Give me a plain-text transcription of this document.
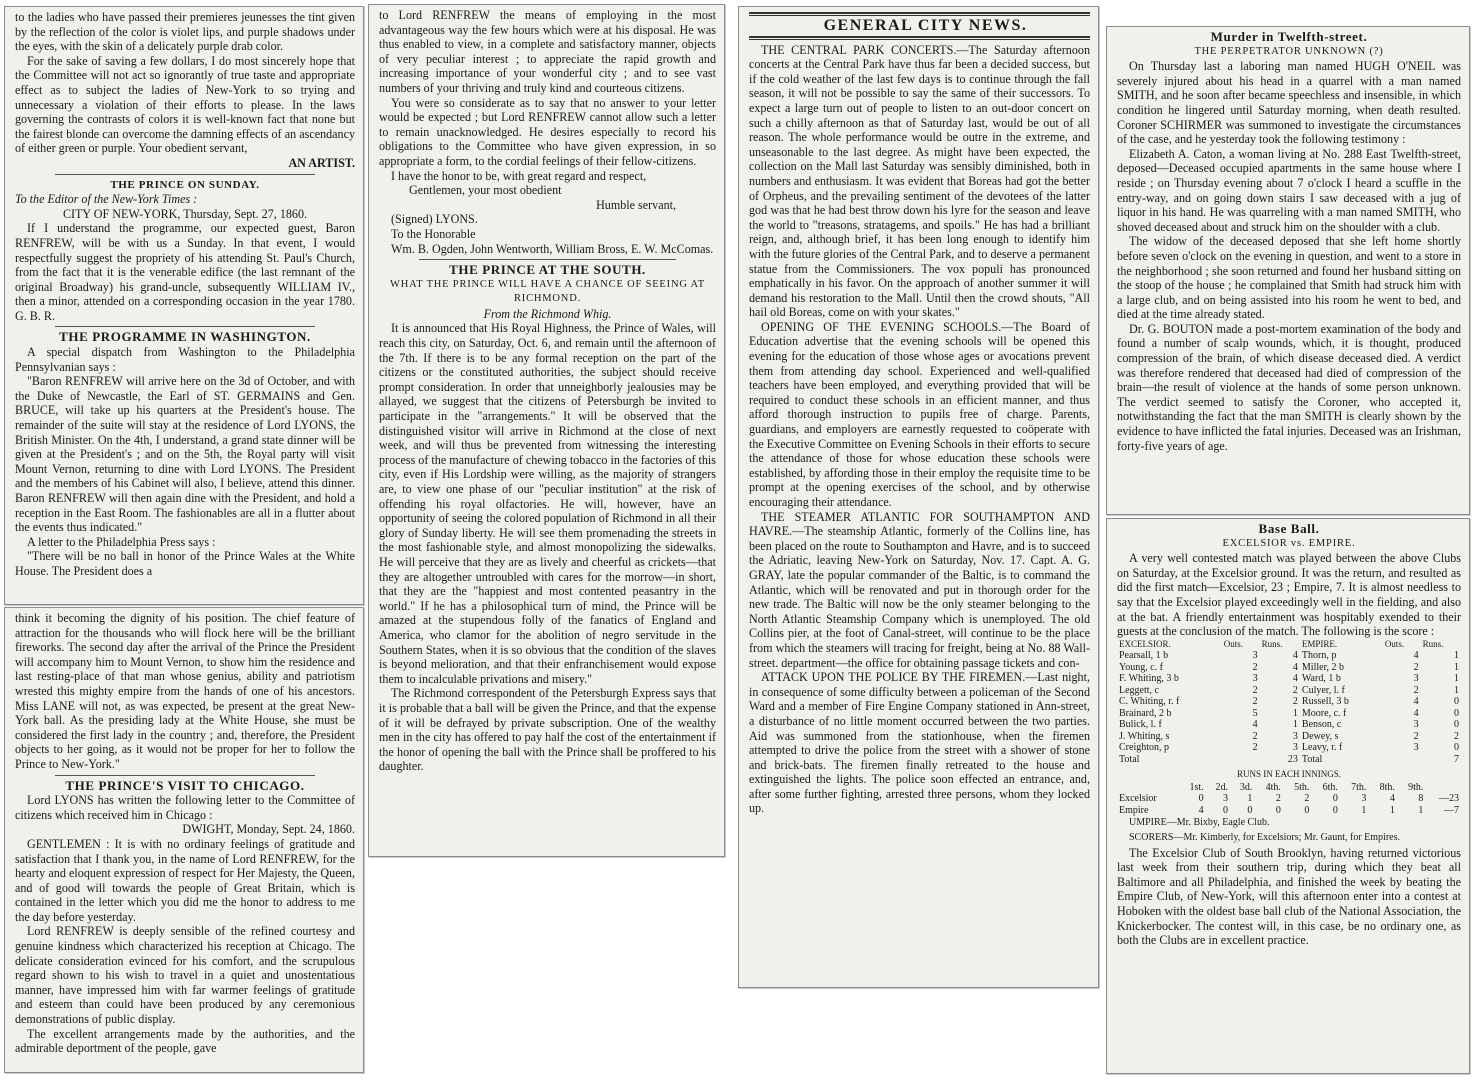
to the ladies who have passed their premieres jeunesses the tint given by the reflection of the color is violet lips, and purple shadows under the eyes, with the skin of a delicately purple drab color.

For the sake of saving a few dollars, I do most sincerely hope that the Committee will not act so ignorantly of true taste and appropriate effect as to subject the ladies of New-York to so trying and unnecessary a violation of their efforts to please. In the laws governing the contrasts of colors it is well-known fact that none but the fairest blonde can overcome the damning effects of an ascendancy of either green or purple. Your obedient servant,

AN ARTIST.

THE PRINCE ON SUNDAY.

To the Editor of the New-York Times :

CITY OF NEW-YORK, Thursday, Sept. 27, 1860.

If I understand the programme, our expected guest, Baron RENFREW, will be with us a Sunday. In that event, I would respectfully suggest the propriety of his attending St. Paul's Church, from the fact that it is the venerable edifice (the last remnant of the original Broadway) his grand-uncle, subsequently WILLIAM IV., then a minor, attended on a corresponding occasion in the year 1780. G. B. R.

THE PROGRAMME IN WASHINGTON.

A special dispatch from Washington to the Philadelphia Pennsylvanian says :

"Baron RENFREW will arrive here on the 3d of October, and with the Duke of Newcastle, the Earl of ST. GERMAINS and Gen. BRUCE, will take up his quarters at the President's house. The remainder of the suite will stay at the residence of Lord LYONS, the British Minister. On the 4th, I understand, a grand state dinner will be given at the President's ; and on the 5th, the Royal party will visit Mount Vernon, returning to dine with Lord LYONS. The President and the members of his Cabinet will also, I believe, attend this dinner. Baron RENFREW will then again dine with the President, and hold a reception in the East Room. The fashionables are all in a flutter about the events thus indicated."

A letter to the Philadelphia Press says :

"There will be no ball in honor of the Prince Wales at the White House. The President does a

think it becoming the dignity of his position. The chief feature of attraction for the thousands who will flock here will be the brilliant fireworks. The second day after the arrival of the Prince the President will accompany him to Mount Vernon, to show him the residence and last resting-place of that man whose genius, ability and patriotism wrested this mighty empire from the hands of one of his ancestors. Miss LANE will not, as was expected, be present at the great New-York ball. As the presiding lady at the White House, she must be considered the first lady in the country ; and, therefore, the President objects to her going, as it would not be proper for her to follow the Prince to New-York."

THE PRINCE'S VISIT TO CHICAGO.

Lord LYONS has written the following letter to the Committee of citizens which received him in Chicago :

DWIGHT, Monday, Sept. 24, 1860.

GENTLEMEN : It is with no ordinary feelings of gratitude and satisfaction that I thank you, in the name of Lord RENFREW, for the hearty and eloquent expression of respect for Her Majesty, the Queen, and of good will towards the people of Great Britain, which is contained in the letter which you did me the honor to address to me the day before yesterday.

Lord RENFREW is deeply sensible of the refined courtesy and genuine kindness which characterized his reception at Chicago. The delicate consideration evinced for his comfort, and the scrupulous regard shown to his wish to travel in a quiet and unostentatious manner, have impressed him with far warmer feelings of gratitude and esteem than could have been produced by any ceremonious demonstrations of public display.

The excellent arrangements made by the authorities, and the admirable deportment of the people, gave

to Lord RENFREW the means of employing in the most advantageous way the few hours which were at his disposal. He was thus enabled to view, in a complete and satisfactory manner, objects of very peculiar interest ; to appreciate the rapid growth and increasing importance of your wonderful city ; and to see vast numbers of your thriving and truly kind and courteous citizens.

You were so considerate as to say that no answer to your letter would be expected ; but Lord RENFREW cannot allow such a letter to remain unacknowledged. He desires especially to record his obligations to the Committee who have given expression, in so appropriate a form, to the cordial feelings of their fellow-citizens.

I have the honor to be, with great regard and respect,

Gentlemen, your most obedient

Humble servant,

(Signed) LYONS.

To the Honorable

Wm. B. Ogden, John Wentworth, William Bross, E. W. McComas.

THE PRINCE AT THE SOUTH.

WHAT THE PRINCE WILL HAVE A CHANCE OF SEEING AT RICHMOND.

From the Richmond Whig.

It is announced that His Royal Highness, the Prince of Wales, will reach this city, on Saturday, Oct. 6, and remain until the afternoon of the 7th. If there is to be any formal reception on the part of the citizens or the constituted authorities, the subject should receive prompt consideration. In order that unneighborly jealousies may be allayed, we suggest that the citizens of Petersburgh be invited to participate in the "arrangements." It will be observed that the distinguished visitor will arrive in Richmond at the close of next week, and will thus be prevented from witnessing the interesting process of the manufacture of chewing tobacco in the factories of this city, even if His Lordship were willing, as the majority of strangers are, to view one phase of our "peculiar institution" at the risk of offending his royal olfactories. He will, however, have an opportunity of seeing the colored population of Richmond in all their glory of Sunday liberty. He will see them promenading the streets in the most fashionable style, and almost monopolizing the sidewalks. He will perceive that they are as lively and cheerful as crickets—that they are altogether untroubled with cares for the morrow—in short, that they are the "happiest and most contented peasantry in the world." If he has a philosophical turn of mind, the Prince will be amazed at the stupendous folly of the fanatics of England and America, who clamor for the abolition of negro servitude in the Southern States, when it is so obvious that the condition of the slaves is beyond melioration, and that their enfranchisement would expose them to incalculable privations and misery."

The Richmond correspondent of the Petersburgh Express says that it is probable that a ball will be given the Prince, and that the expense of it will be defrayed by private subscription. One of the wealthy men in the city has offered to pay half the cost of the entertainment if the honor of opening the ball with the Prince shall be proffered to his daughter.

GENERAL CITY NEWS.

THE CENTRAL PARK CONCERTS.—The Saturday afternoon concerts at the Central Park have thus far been a decided success, but if the cold weather of the last few days is to continue through the fall season, it will not be possible to say the same of their successors. To expect a large turn out of people to listen to an out-door concert on such a chilly afternoon as that of Saturday last, would be out of all reason. The whole performance would be outre in the extreme, and unseasonable to the last degree. As might have been expected, the collection on the Mall last Saturday was sensibly diminished, both in numbers and enthusiasm. It was evident that Boreas had got the better of Orpheus, and the prevailing sentiment of the devotees of the latter god was that he had best throw down his lyre for the season and leave the world to "treasons, stratagems, and spoils." He has had a brilliant reign, and, although brief, it has been long enough to identify him with the future glories of the Central Park, and to deserve a permanent statue from the Commissioners. The vox populi has pronounced emphatically in his favor. On the approach of another summer it will demand his restoration to the Mall. Until then the crowd shouts, "All hail old Boreas, come on with your skates."

OPENING OF THE EVENING SCHOOLS.—The Board of Education advertise that the evening schools will be opened this evening for the education of those whose ages or avocations prevent them from attending day school. Experienced and well-qualified teachers have been employed, and everything provided that will be required to conduct these schools in an efficient manner, and thus afford thorough instruction to pupils free of charge. Parents, guardians, and employers are earnestly requested to coöperate with the Executive Committee on Evening Schools in their efforts to secure the attendance of those for whose education these schools were established, by affording those in their employ the requisite time to be prompt at the opening exercises of the school, and by otherwise encouraging their attendance.

THE STEAMER ATLANTIC FOR SOUTHAMPTON AND HAVRE.—The steamship Atlantic, formerly of the Collins line, has been placed on the route to Southampton and Havre, and is to succeed the Adriatic, leaving New-York on Saturday, Nov. 17. Capt. A. G. GRAY, late the popular commander of the Baltic, is to command the Atlantic, which will be renovated and put in thorough order for the new trade. The Baltic will now be the only steamer belonging to the North Atlantic Steamship Company which is unemployed. The old Collins pier, at the foot of Canal-street, will continue to be the place from which the steamers will tracing for freight, being at No. 88 Wall-street. department—the office for obtaining passage tickets and con-

ATTACK UPON THE POLICE BY THE FIREMEN.—Last night, in consequence of some difficulty between a policeman of the Second Ward and a member of Fire Engine Company stationed in Ann-street, a disturbance of no little moment occurred between the two parties. Aid was summoned from the stationhouse, when the firemen attempted to drive the police from the street with a shower of stone and brick-bats. The firemen finally retreated to the house and extinguished the lights. The police soon effected an entrance, and, after some further fighting, arrested three persons, whom they locked up.

Murder in Twelfth-street.

THE PERPETRATOR UNKNOWN (?)

On Thursday last a laboring man named HUGH O'NEIL was severely injured about his head in a quarrel with a man named SMITH, and he soon after became speechless and insensible, in which condition he lingered until Saturday morning, when death resulted. Coroner SCHIRMER was summoned to investigate the circumstances of the case, and he yesterday took the following testimony :

Elizabeth A. Caton, a woman living at No. 288 East Twelfth-street, deposed—Deceased occupied apartments in the same house where I reside ; on Thursday evening about 7 o'clock I heard a scuffle in the entry-way, and on going down stairs I saw deceased with a jug of liquor in his hand. He was quarreling with a man named SMITH, who shoved deceased about and struck him on the shoulder with a club.

The widow of the deceased deposed that she left home shortly before seven o'clock on the evening in question, and went to a store in the neighborhood ; she soon returned and found her husband sitting on the stoop of the house ; he complained that Smith had struck him with a large club, and on being assisted into his room he went to bed, and died at the time already stated.

Dr. G. BOUTON made a post-mortem examination of the body and found a number of scalp wounds, which, it is thought, produced compression of the brain, of which disease deceased died. A verdict was therefore rendered that deceased had died of compression of the brain—the result of violence at the hands of some person unknown. The verdict seemed to satisfy the Coroner, who accepted it, notwithstanding the fact that the man SMITH is clearly shown by the evidence to have inflicted the fatal injuries. Deceased was an Irishman, forty-five years of age.

Base Ball.

EXCELSIOR vs. EMPIRE.

A very well contested match was played between the above Clubs on Saturday, at the Excelsior ground. It was the return, and resulted as did the first match—Excelsior, 23 ; Empire, 7. It is almost needless to say that the Excelsior played exceedingly well in the fielding, and also at the bat. A friendly entertainment was hospitably exended to their guests at the conclusion of the match. The following is the score :

EXCELSIOR.	Outs.	Runs.	EMPIRE.	Outs.	Runs.
Pearsall, 1 b	3	4	Thorn, p	4	1
Young, c. f	2	4	Miller, 2 b	2	1
F. Whiting, 3 b	3	4	Ward, 1 b	3	1
Leggett, c	2	2	Culyer, l. f	2	1
C. Whiting, r. f	2	2	Russell, 3 b	4	0
Brainard, 2 b	5	1	Moore, c. f	4	0
Bulick, l. f	4	1	Benson, c	3	0
J. Whiting, s	2	3	Dewey, s	2	2
Creighton, p	2	3	Leavy, r. f	3	0
Total		23	Total		7

RUNS IN EACH INNINGS.

	1st.	2d.	3d.	4th.	5th.	6th.	7th.	8th.	9th.	
Excelsior	0	3	1	2	2	0	3	4	8	—23
Empire	4	0	0	0	0	0	1	1	1	—7

UMPIRE—Mr. Bixby, Eagle Club.

SCORERS—Mr. Kimberly, for Excelsiors; Mr. Gaunt, for Empires.

The Excelsior Club of South Brooklyn, having returned victorious last week from their southern trip, during which they beat all Baltimore and all Philadelphia, and finished the week by beating the Empire Club, of New-York, will this afternoon enter into a contest at Hoboken with the oldest base ball club of the National Association, the Knickerbocker. The contest will, in this case, be no ordinary one, as both the Clubs are in excellent practice.
